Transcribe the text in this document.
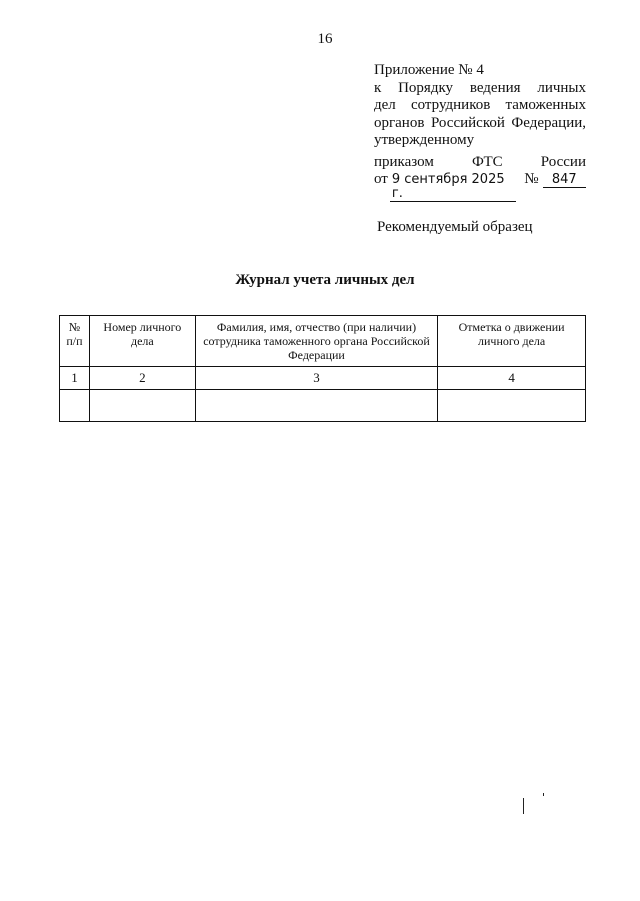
16
Приложение № 4
к Порядку ведения личных
дел сотрудников таможенных
органов Российской Федерации,
утвержденному
приказом	ФТС	России
от 9 сентября 2025 г.
№	847
Рекомендуемый образец
Журнал учета личных дел
№ п/п	Номер личного дела	Фамилия, имя, отчество (при наличии) сотрудника таможенного органа Российской Федерации	Отметка о движении личного дела
1	2	3	4
